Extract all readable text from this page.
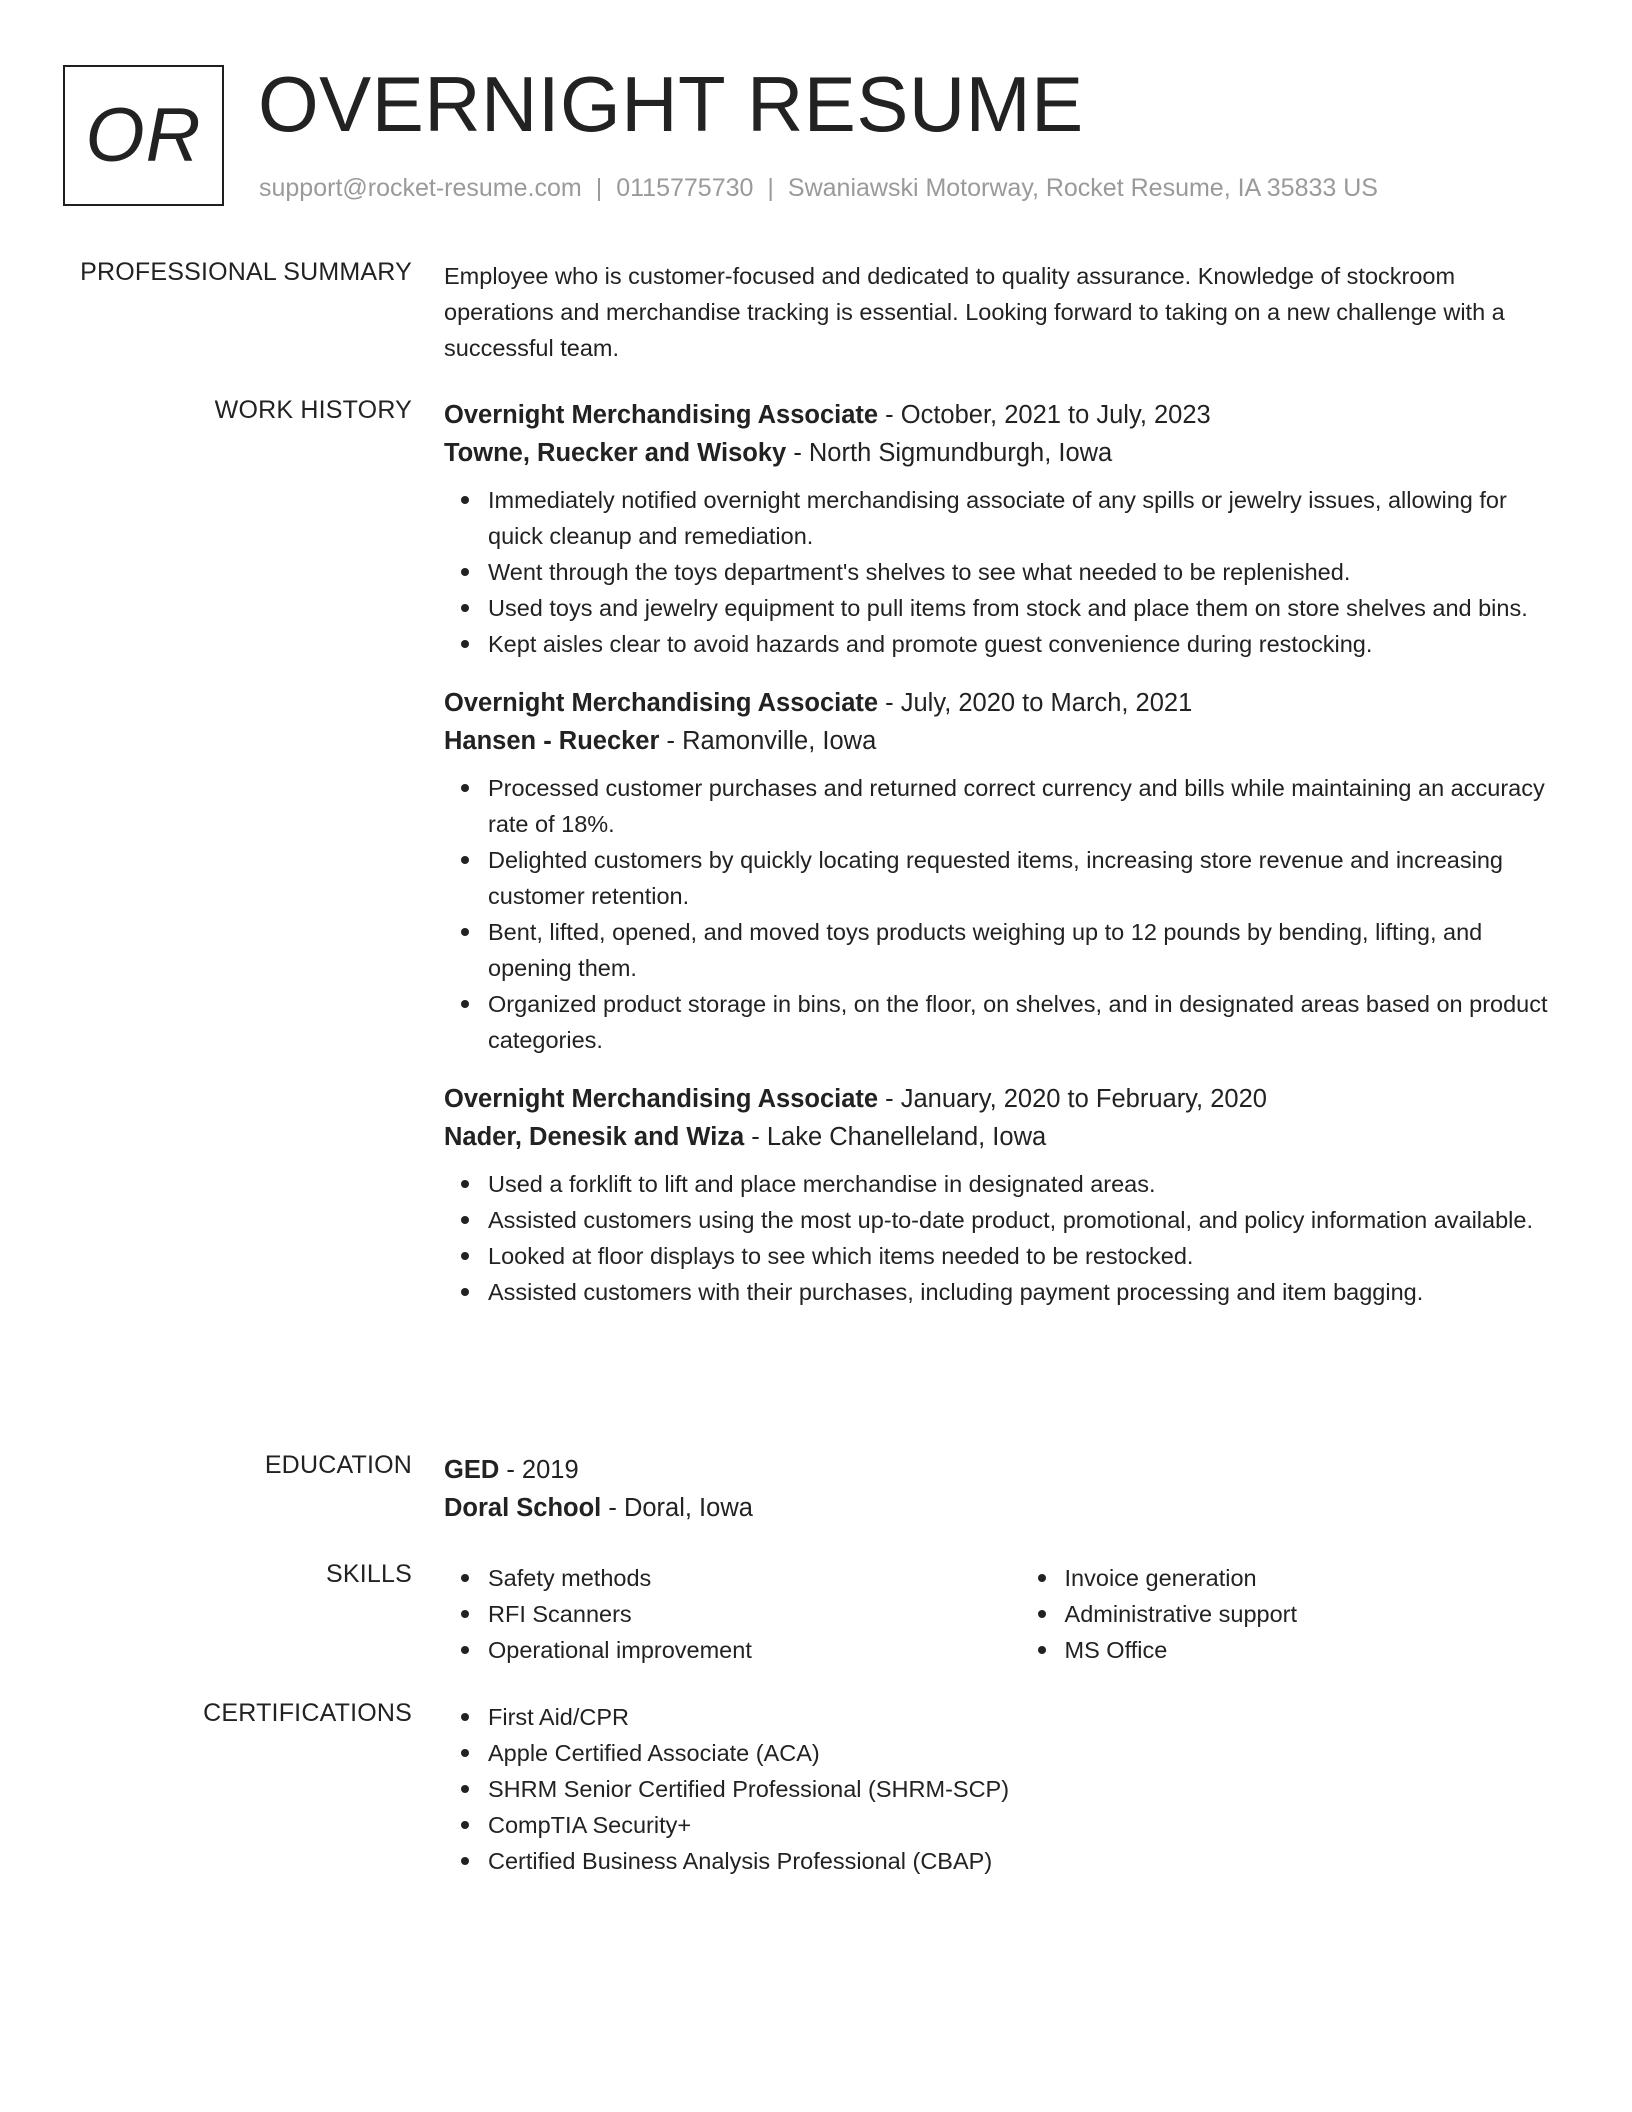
OR OVERNIGHT RESUME
support@rocket-resume.com | 0115775730 | Swaniawski Motorway, Rocket Resume, IA 35833 US
PROFESSIONAL SUMMARY Employee who is customer-focused and dedicated to quality assurance. Knowledge of stockroom operations and merchandise tracking is essential. Looking forward to taking on a new challenge with a successful team.

WORK HISTORY Overnight Merchandising Associate - October, 2021 to July, 2023
Towne, Ruecker and Wisoky - North Sigmundburgh, Iowa
Immediately notified overnight merchandising associate of any spills or jewelry issues, allowing for quick cleanup and remediation.
Went through the toys department's shelves to see what needed to be replenished.
Used toys and jewelry equipment to pull items from stock and place them on store shelves and bins.
Kept aisles clear to avoid hazards and promote guest convenience during restocking.
Overnight Merchandising Associate - July, 2020 to March, 2021
Hansen - Ruecker - Ramonville, Iowa
Processed customer purchases and returned correct currency and bills while maintaining an accuracy rate of 18%.
Delighted customers by quickly locating requested items, increasing store revenue and increasing customer retention.
Bent, lifted, opened, and moved toys products weighing up to 12 pounds by bending, lifting, and opening them.
Organized product storage in bins, on the floor, on shelves, and in designated areas based on product categories.
Overnight Merchandising Associate - January, 2020 to February, 2020
Nader, Denesik and Wiza - Lake Chanelleland, Iowa
Used a forklift to lift and place merchandise in designated areas.
Assisted customers using the most up-to-date product, promotional, and policy information available.
Looked at floor displays to see which items needed to be restocked.
Assisted customers with their purchases, including payment processing and item bagging.
EDUCATION GED - 2019
Doral School - Doral, Iowa
SKILLS	Safety methods
RFI Scanners
Operational improvement
Invoice generation
Administrative support
MS Office
CERTIFICATIONS	First Aid/CPR
Apple Certified Associate (ACA)
SHRM Senior Certified Professional (SHRM-SCP)
CompTIA Security+
Certified Business Analysis Professional (CBAP)
